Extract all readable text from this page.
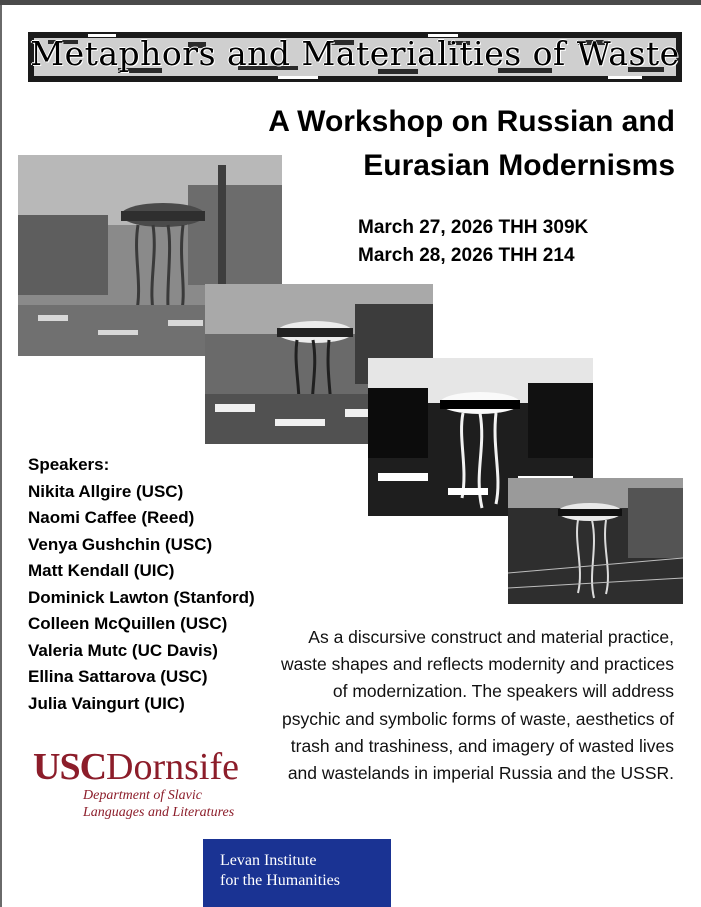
Metaphors and Materialities of Waste
A Workshop on Russian and
Eurasian Modernisms
March 27, 2026 THH 309K
March 28, 2026 THH 214
Speakers:
Nikita Allgire (USC)
Naomi Caffee (Reed)
Venya Gushchin (USC)
Matt Kendall (UIC)
Dominick Lawton (Stanford)
Colleen McQuillen (USC)
Valeria Mutc (UC Davis)
Ellina Sattarova (USC)
Julia Vaingurt (UIC)
As a discursive construct and material practice, waste shapes and reflects modernity and practices of modernization. The speakers will address psychic and symbolic forms of waste, aesthetics of trash and trashiness, and imagery of wasted lives and wastelands in imperial Russia and the USSR.
USCDornsife
Department of Slavic
Languages and Literatures
Levan Institute
for the Humanities
